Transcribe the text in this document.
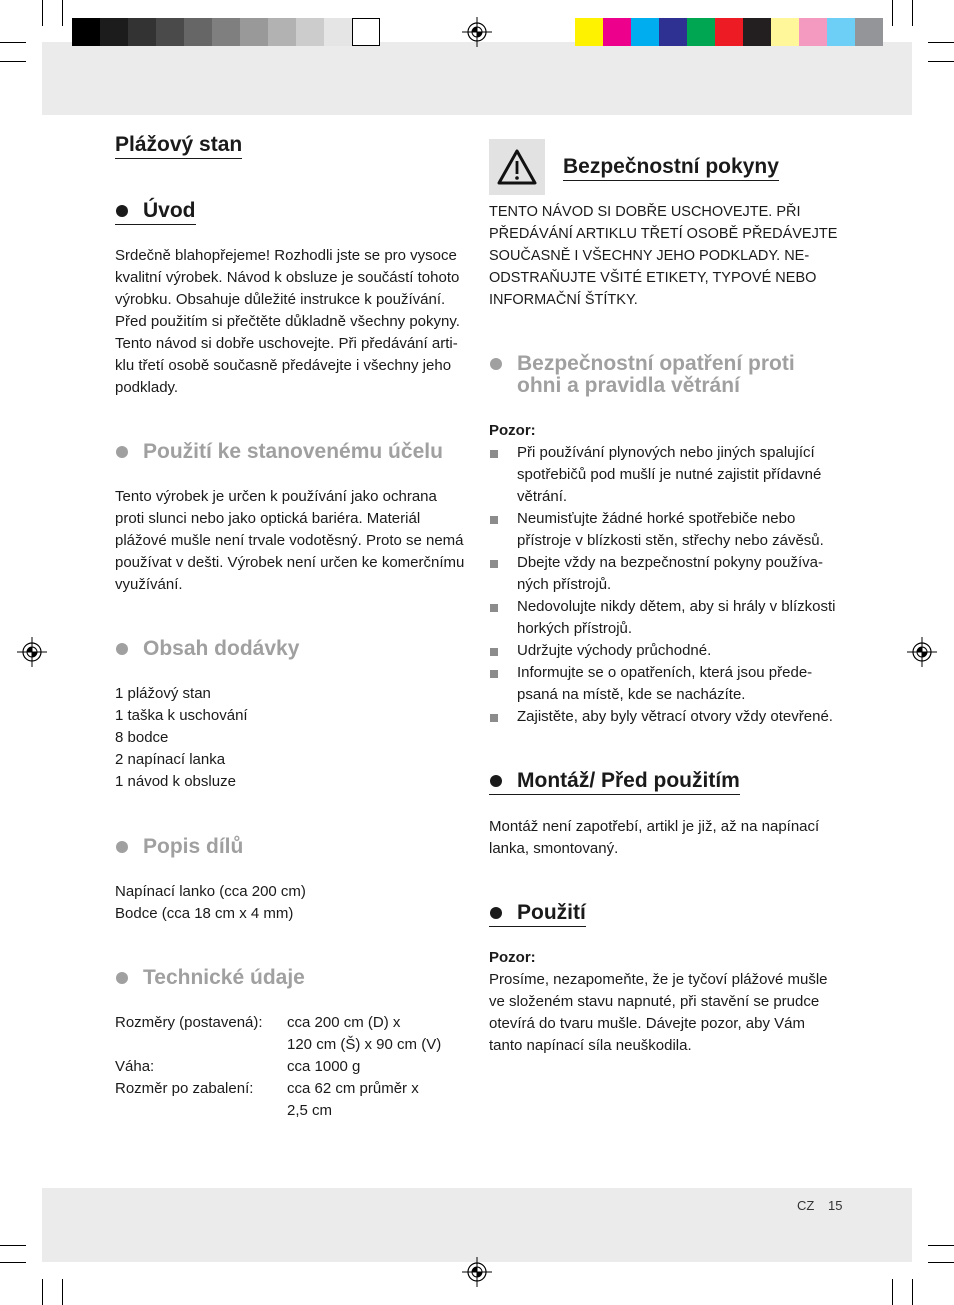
Plážový stan
Úvod
Srdečně blahopřejeme! Rozhodli jste se pro vysoce
kvalitní výrobek. Návod k obsluze je součástí tohoto
výrobku. Obsahuje důležité instrukce k používání.
Před použitím si přečtěte důkladně všechny pokyny.
Tento návod si dobře uschovejte. Při předávání arti-
klu třetí osobě současně předávejte i všechny jeho
podklady.
Použití ke stanovenému účelu
Tento výrobek je určen k používání jako ochrana
proti slunci nebo jako optická bariéra. Materiál
plážové mušle není trvale vodotěsný. Proto se nemá
používat v dešti. Výrobek není určen ke komerčnímu
využívání.
Obsah dodávky
1 plážový stan
1 taška k uschování
8 bodce
2 napínací lanka
1 návod k obsluze
Popis dílů
Napínací lanko (cca 200 cm)
Bodce (cca 18 cm x 4 mm)
Technické údaje
Rozměry (postavená): cca 200 cm (D) x
120 cm (Š) x 90 cm (V)
Váha:	cca 1000 g
Rozměr po zabalení: cca 62 cm průměr x
2,5 cm
Bezpečnostní pokyny
TENTO NÁVOD SI DOBŘE USCHOVEJTE. PŘI
PŘEDÁVÁNÍ ARTIKLU TŘETÍ OSOBĚ PŘEDÁVEJTE
SOUČASNĚ I VŠECHNY JEHO PODKLADY. NE-
ODSTRAŇUJTE VŠITÉ ETIKETY, TYPOVÉ NEBO
INFORMAČNÍ ŠTÍTKY.
Bezpečnostní opatření proti
ohni a pravidla větrání
Pozor:
Při používání plynových nebo jiných spalující
spotřebičů pod mušlí je nutné zajistit přídavné
větrání.
Neumisťujte žádné horké spotřebiče nebo
přístroje v blízkosti stěn, střechy nebo závěsů.
Dbejte vždy na bezpečnostní pokyny používa-
ných přístrojů.
Nedovolujte nikdy dětem, aby si hrály v blízkosti
horkých přístrojů.
Udržujte východy průchodné.
Informujte se o opatřeních, která jsou přede-
psaná na místě, kde se nacházíte.
Zajistěte, aby byly větrací otvory vždy otevřené.
Montáž/ Před použitím
Montáž není zapotřebí, artikl je již, až na napínací
lanka, smontovaný.
Použití
Pozor:
Prosíme, nezapomeňte, že je tyčoví plážové mušle
ve složeném stavu napnuté, při stavění se prudce
otevírá do tvaru mušle. Dávejte pozor, aby Vám
tanto napínací síla neuškodila.
CZ 15
